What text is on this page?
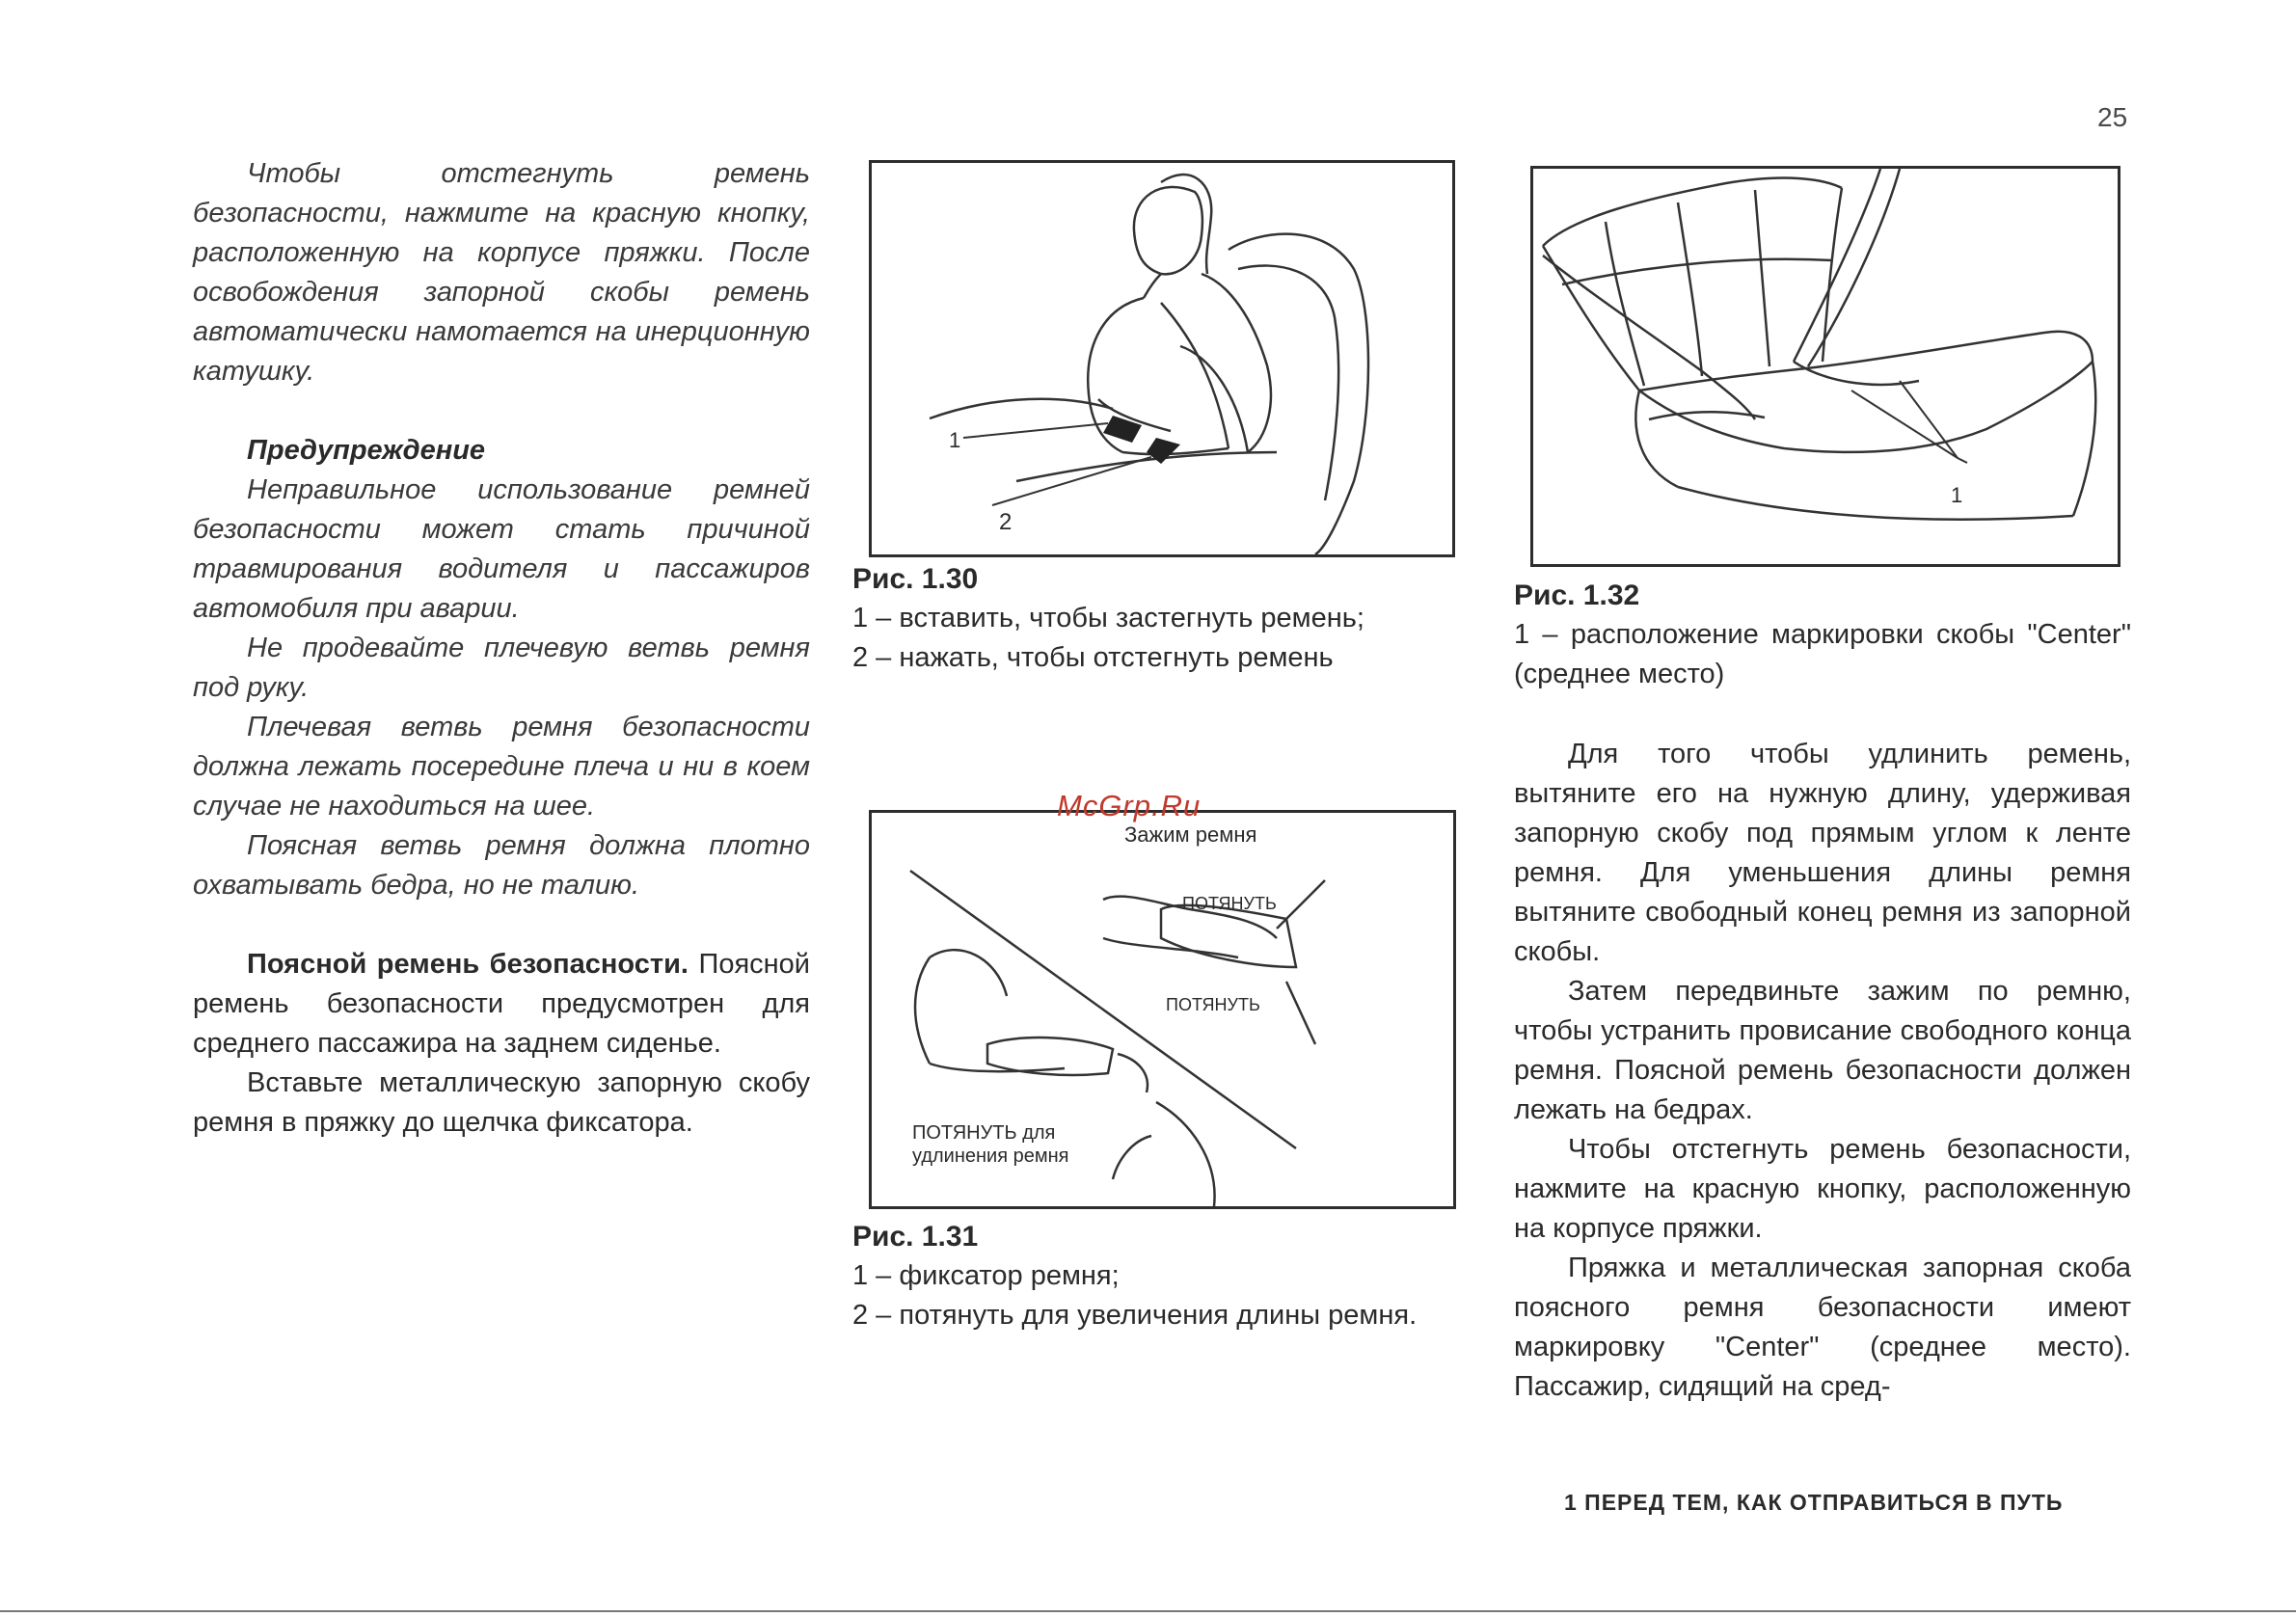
25

Чтобы отстегнуть ремень безопасности, нажмите на красную кнопку, расположенную на корпусе пряжки. После освобождения запорной скобы ремень автоматически намотается на инерционную катушку.

Предупреждение

Неправильное использование ремней безопасности может стать причиной травмирования водителя и пассажиров автомобиля при аварии.

Не продевайте плечевую ветвь ремня под руку.

Плечевая ветвь ремня безопасности должна лежать посередине плеча и ни в коем случае не находиться на шее.

Поясная ветвь ремня должна плотно охватывать бедра, но не талию.

Поясной ремень безопасности. Поясной ремень безопасности предусмотрен для среднего пассажира на заднем сиденье.

Вставьте металлическую запорную скобу ремня в пряжку до щелчка фиксатора.

1
2

Рис. 1.30

1 – вставить, чтобы застегнуть ремень;

2 – нажать, чтобы отстегнуть ремень

Зажим ремня
ПОТЯНУТЬ
ПОТЯНУТЬ
ПОТЯНУТЬ для
удлинения ремня

Рис. 1.31

1 – фиксатор ремня;

2 – потянуть для увеличения длины ремня.

1

Рис. 1.32

1 – расположение маркировки скобы "Center" (среднее место)

Для того чтобы удлинить ремень, вытяните его на нужную длину, удерживая запорную скобу под прямым углом к ленте ремня. Для уменьшения длины ремня вытяните свободный конец ремня из запорной скобы.

Затем передвиньте зажим по ремню, чтобы устранить провисание свободного конца ремня. Поясной ремень безопасности должен лежать на бедрах.

Чтобы отстегнуть ремень безопасности, нажмите на красную кнопку, расположенную на корпусе пряжки.

Пряжка и металлическая запорная скоба поясного ремня безопасности имеют маркировку "Center" (среднее место). Пассажир, сидящий на сред-

McGrp.Ru
1 ПЕРЕД ТЕМ, КАК ОТПРАВИТЬСЯ В ПУТЬ
